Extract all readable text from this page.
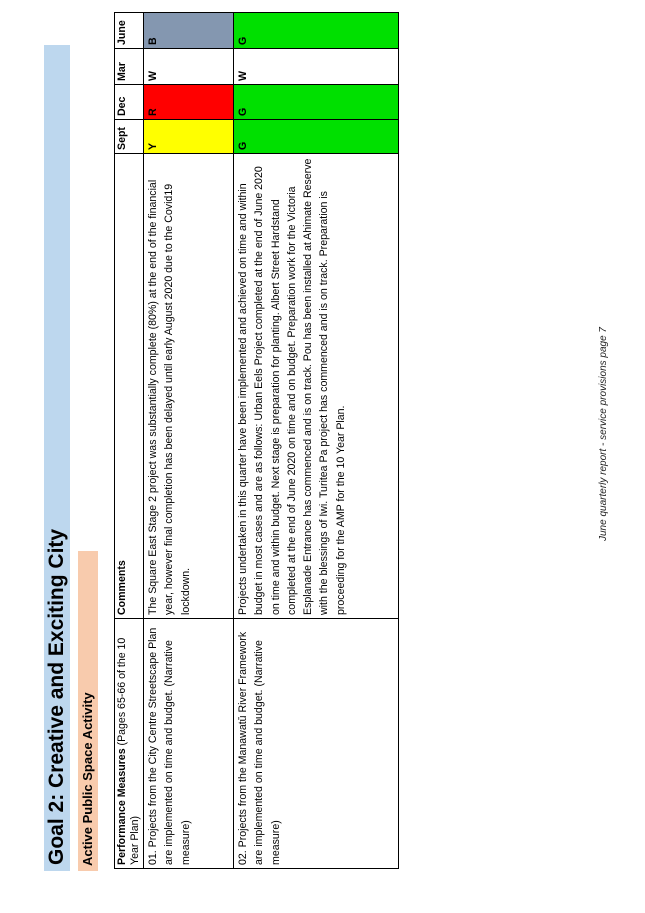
Goal 2: Creative and Exciting City Active Public Space Activity Performance Measures (Pages 65-66 of the 10 Year Plan)	Comments	Sept	Dec	Mar	June
01. Projects from the City Centre Streetscape Plan are implemented on time and budget. (Narrative measure)	The Square East Stage 2 project was substantially complete (80%) at the end of the financial year, however final completion has been delayed until early August 2020 due to the Covid19 lockdown.	Y	R	W	B
02. Projects from the Manawatū River Framework are implemented on time and budget. (Narrative measure)	Projects undertaken in this quarter have been implemented and achieved on time and within budget in most cases and are as follows: Urban Eels Project completed at the end of June 2020 on time and within budget. Next stage is preparation for planting. Albert Street Hardstand completed at the end of June 2020 on time and on budget. Preparation work for the Victoria Esplanade Entrance has commenced and is on track. Pou has been installed at Ahimate Reserve with the blessings of Iwi. Turitea Pa project has commenced and is on track. Preparation is proceeding for the AMP for the 10 Year Plan.	G	G	W	G
June quarterly report - service provisions page 7
